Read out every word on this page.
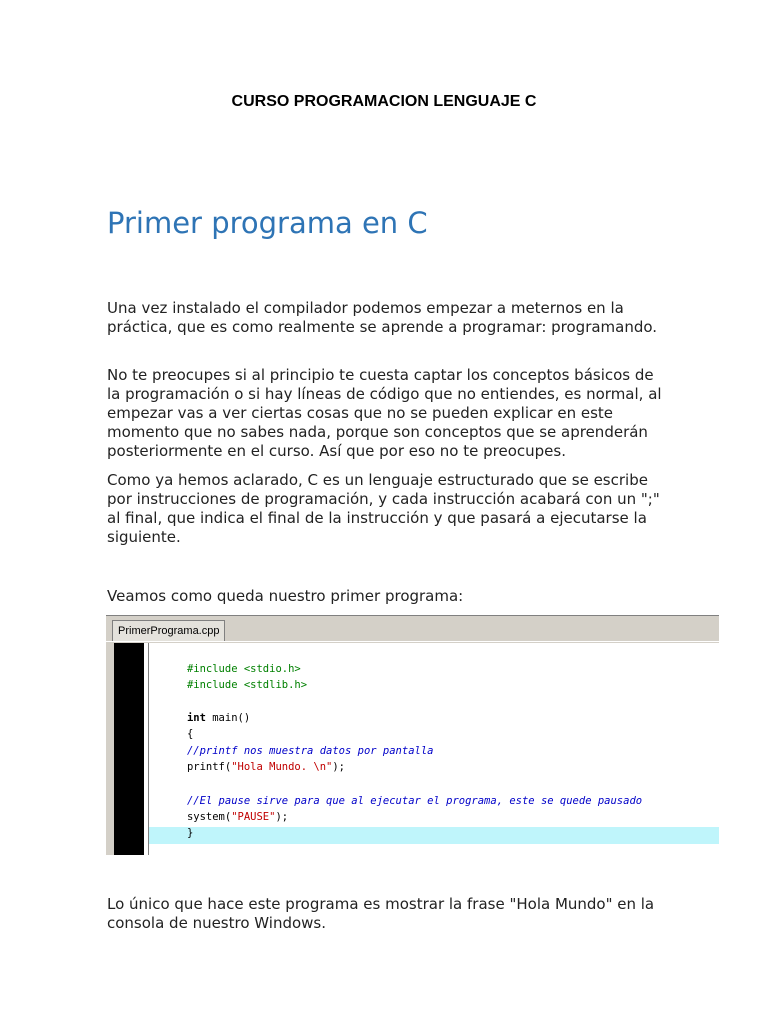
CURSO PROGRAMACION LENGUAJE C
Primer programa en C

Una vez instalado el compilador podemos empezar a meternos en la práctica, que es como realmente se aprende a programar: programando.

No te preocupes si al principio te cuesta captar los conceptos básicos de la programación o si hay líneas de código que no entiendes, es normal, al empezar vas a ver ciertas cosas que no se pueden explicar en este momento que no sabes nada, porque son conceptos que se aprenderán posteriormente en el curso. Así que por eso no te preocupes.

Como ya hemos aclarado, C es un lenguaje estructurado que se escribe por instrucciones de programación, y cada instrucción acabará con un ";" al final, que indica el final de la instrucción y que pasará a ejecutarse la siguiente.

Veamos como queda nuestro primer programa:

PrimerPrograma.cpp

#include <stdio.h>

#include <stdlib.h>

int main()

{

//printf nos muestra datos por pantalla

printf("Hola Mundo. \n");

//El pause sirve para que al ejecutar el programa, este se quede pausado

system("PAUSE");

}

Lo único que hace este programa es mostrar la frase "Hola Mundo" en la consola de nuestro Windows.
